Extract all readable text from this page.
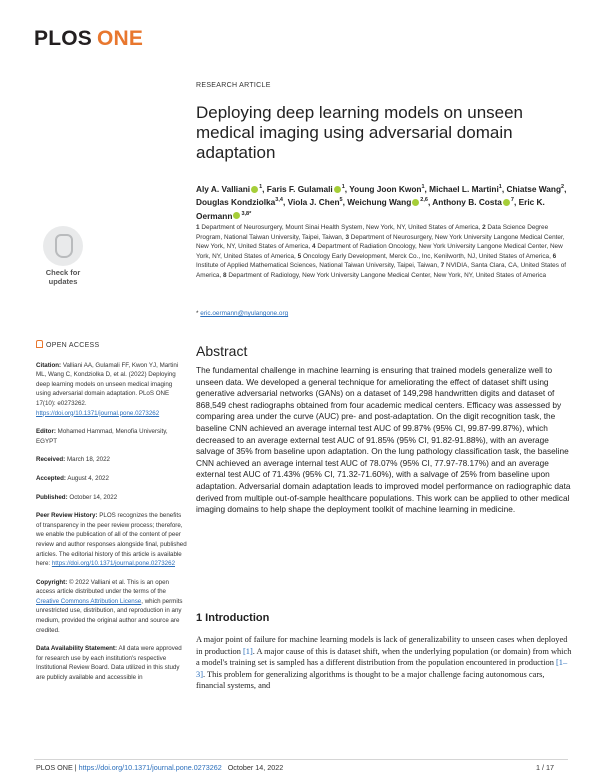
PLOS ONE
RESEARCH ARTICLE
Deploying deep learning models on unseen medical imaging using adversarial domain adaptation
Aly A. Valliani $^1$, Faris F. Gulamali $^1$, Young Joon Kwon$^1$, Michael L. Martini$^1$, Chiatse Wang$^2$, Douglas Kondziolka$^{3,4}$, Viola J. Chen$^5$, Weichung Wang $^{2,6}$, Anthony B. Costa $^7$, Eric K. Oermann $^{3,8*}$
1 Department of Neurosurgery, Mount Sinai Health System, New York, NY, United States of America, 2 Data Science Degree Program, National Taiwan University, Taipei, Taiwan, 3 Department of Neurosurgery, New York University Langone Medical Center, New York, NY, United States of America, 4 Department of Radiation Oncology, New York University Langone Medical Center, New York, NY, United States of America, 5 Oncology Early Development, Merck Co., Inc, Kenilworth, NJ, United States of America, 6 Institute of Applied Mathematical Sciences, National Taiwan University, Taipei, Taiwan, 7 NVIDIA, Santa Clara, CA, United States of America, 8 Department of Radiology, New York University Langone Medical Center, New York, NY, United States of America
* eric.oermann@nyulangone.org
Check for
updates
OPEN ACCESS

Citation: Valliani AA, Gulamali FF, Kwon YJ, Martini ML, Wang C, Kondziolka D, et al. (2022) Deploying deep learning models on unseen medical imaging using adversarial domain adaptation. PLoS ONE 17(10): e0273262. https://doi.org/10.1371/journal.pone.0273262

Editor: Mohamed Hammad, Menofia University, EGYPT

Received: March 18, 2022

Accepted: August 4, 2022

Published: October 14, 2022

Peer Review History: PLOS recognizes the benefits of transparency in the peer review process; therefore, we enable the publication of all of the content of peer review and author responses alongside final, published articles. The editorial history of this article is available here: https://doi.org/10.1371/journal.pone.0273262

Copyright: © 2022 Valliani et al. This is an open access article distributed under the terms of the Creative Commons Attribution License, which permits unrestricted use, distribution, and reproduction in any medium, provided the original author and source are credited.

Data Availability Statement: All data were approved for research use by each institution's respective Institutional Review Board. Data utilized in this study are publicly available and accessible in

Abstract
The fundamental challenge in machine learning is ensuring that trained models generalize well to unseen data. We developed a general technique for ameliorating the effect of dataset shift using generative adversarial networks (GANs) on a dataset of 149,298 handwritten digits and dataset of 868,549 chest radiographs obtained from four academic medical centers. Efficacy was assessed by comparing area under the curve (AUC) pre- and post-adaptation. On the digit recognition task, the baseline CNN achieved an average internal test AUC of 99.87% (95% CI, 99.87-99.87%), which decreased to an average external test AUC of 91.85% (95% CI, 91.82-91.88%), with an average salvage of 35% from baseline upon adaptation. On the lung pathology classification task, the baseline CNN achieved an average internal test AUC of 78.07% (95% CI, 77.97-78.17%) and an average external test AUC of 71.43% (95% CI, 71.32-71.60%), with a salvage of 25% from baseline upon adaptation. Adversarial domain adaptation leads to improved model performance on radiographic data derived from multiple out-of-sample healthcare populations. This work can be applied to other medical imaging domains to help shape the deployment toolkit of machine learning in medicine.
1 Introduction
A major point of failure for machine learning models is lack of generalizability to unseen cases when deployed in production [1]. A major cause of this is dataset shift, when the underlying population (or domain) from which a model's training set is sampled has a different distribution from the population encountered in production [1–3]. This problem for generalizing algorithms is thought to be a major challenge facing autonomous cars, financial systems, and
PLOS ONE | https://doi.org/10.1371/journal.pone.0273262 October 14, 2022	1 / 17
